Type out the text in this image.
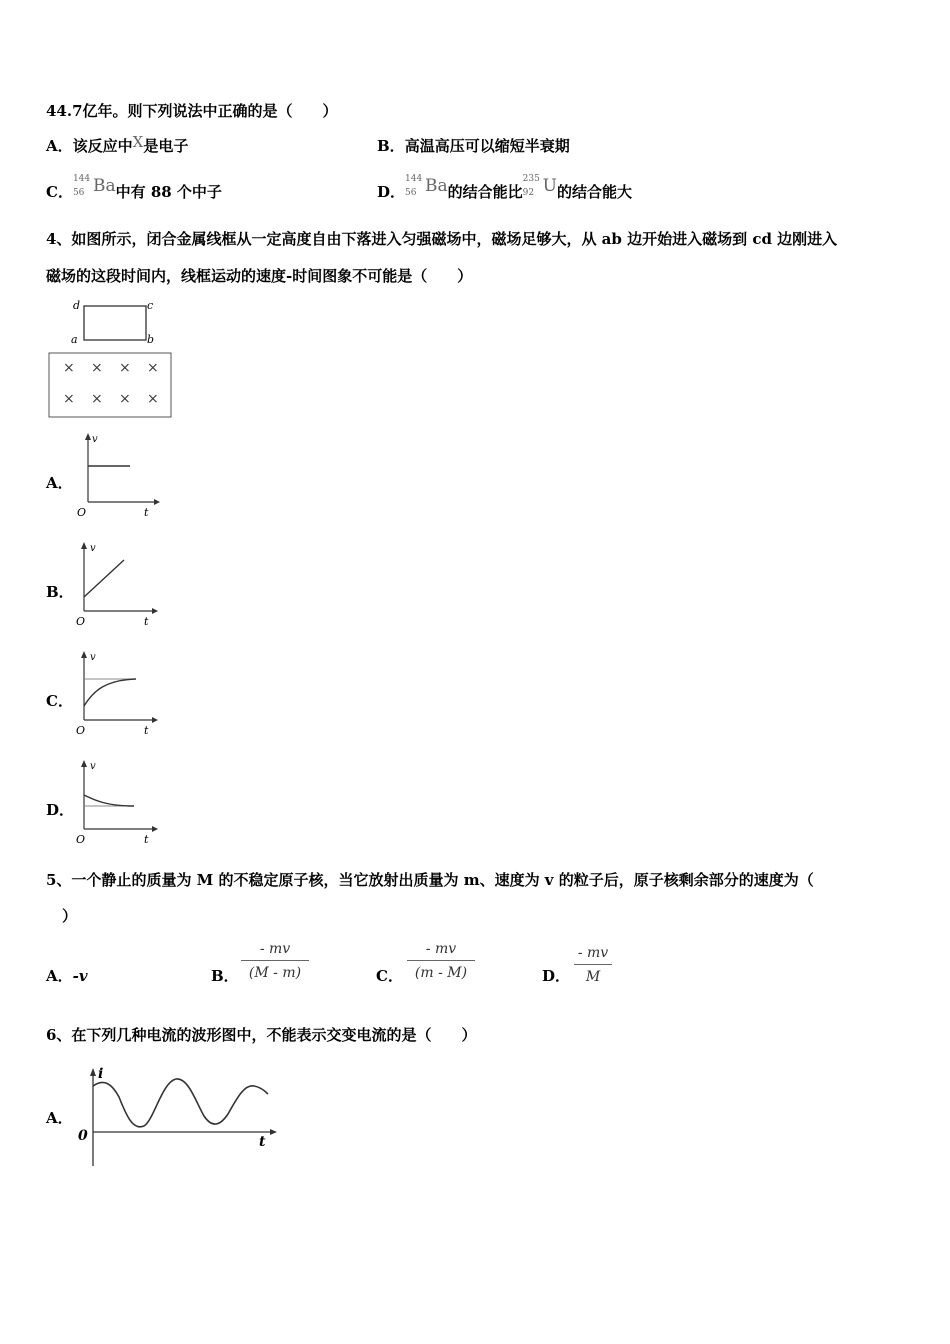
44.7亿年。则下列说法中正确的是（　　）
A．该反应中X是电子	B．高温高压可以缩短半衰期
C．
144
56 Ba中有 88 个中子	D．
144
56 Ba的结合能比
235
92 U的结合能大
4、如图所示，闭合金属线框从一定高度自由下落进入匀强磁场中，磁场足够大，从 ab 边开始进入磁场到 cd 边刚进入
磁场的这段时间内，线框运动的速度-时间图象不可能是（　　）
d	c
a	b
× × × ×
× × × ×
A．
v
t
O
B．
v
t
O
C．
v
t
O
D．
v
t
O
5、一个静止的质量为 M 的不稳定原子核，当它放射出质量为 m、速度为 v 的粒子后，原子核剩余部分的速度为（
）
A．-v	B．
- mv
(M - m)	C．
- mv
(m - M)	D．
- mv
M
6、在下列几种电流的波形图中，不能表示交变电流的是（　　）
A．
i
t
0
